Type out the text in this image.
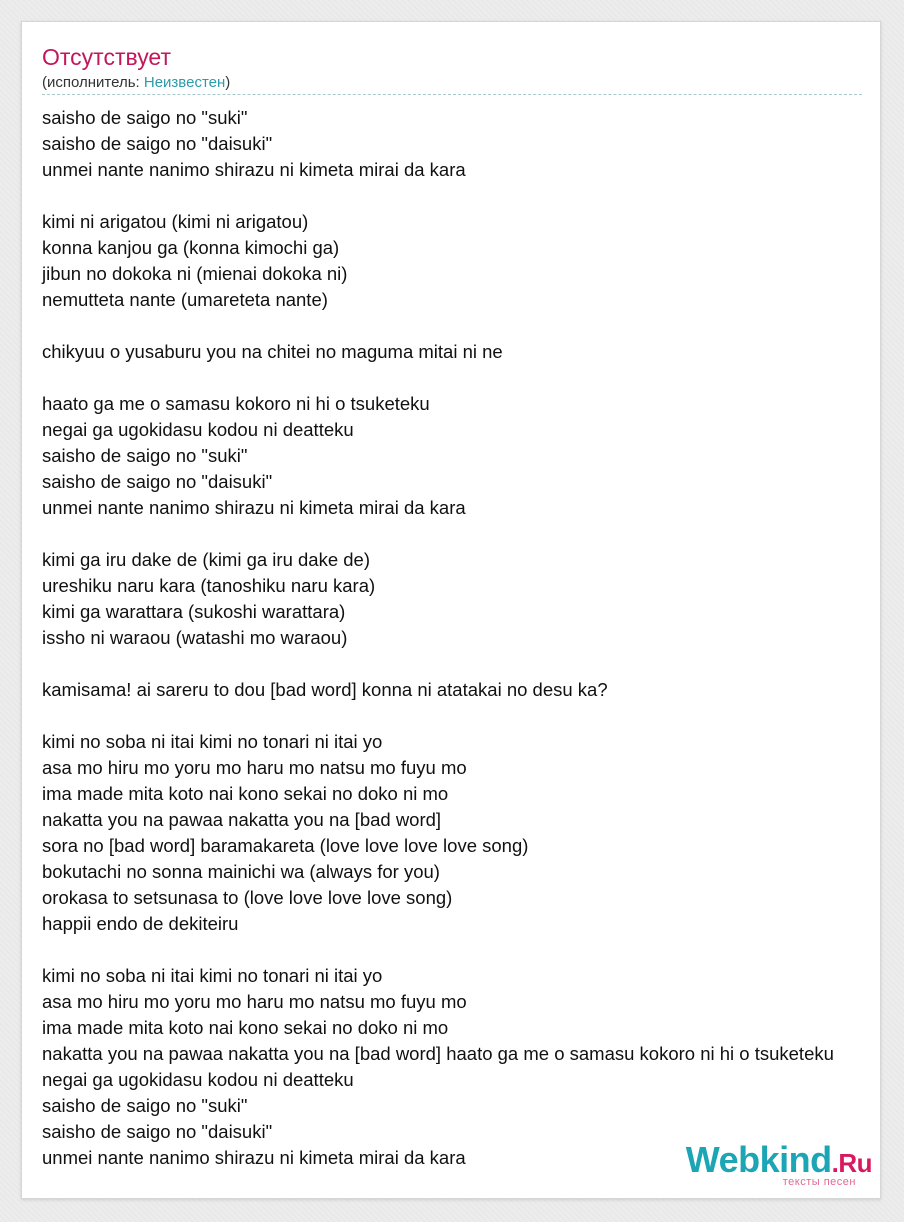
Отсутствует
(исполнитель: Неизвестен)
saisho de saigo no "suki"
saisho de saigo no "daisuki"
unmei nante nanimo shirazu ni kimeta mirai da kara
kimi ni arigatou (kimi ni arigatou)
konna kanjou ga (konna kimochi ga)
jibun no dokoka ni (mienai dokoka ni)
nemutteta nante (umareteta nante)
chikyuu o yusaburu you na chitei no maguma mitai ni ne
haato ga me o samasu kokoro ni hi o tsuketeku
negai ga ugokidasu kodou ni deatteku
saisho de saigo no "suki"
saisho de saigo no "daisuki"
unmei nante nanimo shirazu ni kimeta mirai da kara
kimi ga iru dake de (kimi ga iru dake de)
ureshiku naru kara (tanoshiku naru kara)
kimi ga warattara (sukoshi warattara)
issho ni waraou (watashi mo waraou)
kamisama! ai sareru to dou [bad word] konna ni atatakai no desu ka?
kimi no soba ni itai kimi no tonari ni itai yo
asa mo hiru mo yoru mo haru mo natsu mo fuyu mo
ima made mita koto nai kono sekai no doko ni mo
nakatta you na pawaa nakatta you na [bad word]
sora no [bad word] baramakareta (love love love love song)
bokutachi no sonna mainichi wa (always for you)
orokasa to setsunasa to (love love love love song)
happii endo de dekiteiru
kimi no soba ni itai kimi no tonari ni itai yo
asa mo hiru mo yoru mo haru mo natsu mo fuyu mo
ima made mita koto nai kono sekai no doko ni mo
nakatta you na pawaa nakatta you na [bad word] haato ga me o samasu kokoro ni hi o tsuketeku
negai ga ugokidasu kodou ni deatteku
saisho de saigo no "suki"
saisho de saigo no "daisuki"
unmei nante nanimo shirazu ni kimeta mirai da kara	Webkind.Ru
тексты песен
